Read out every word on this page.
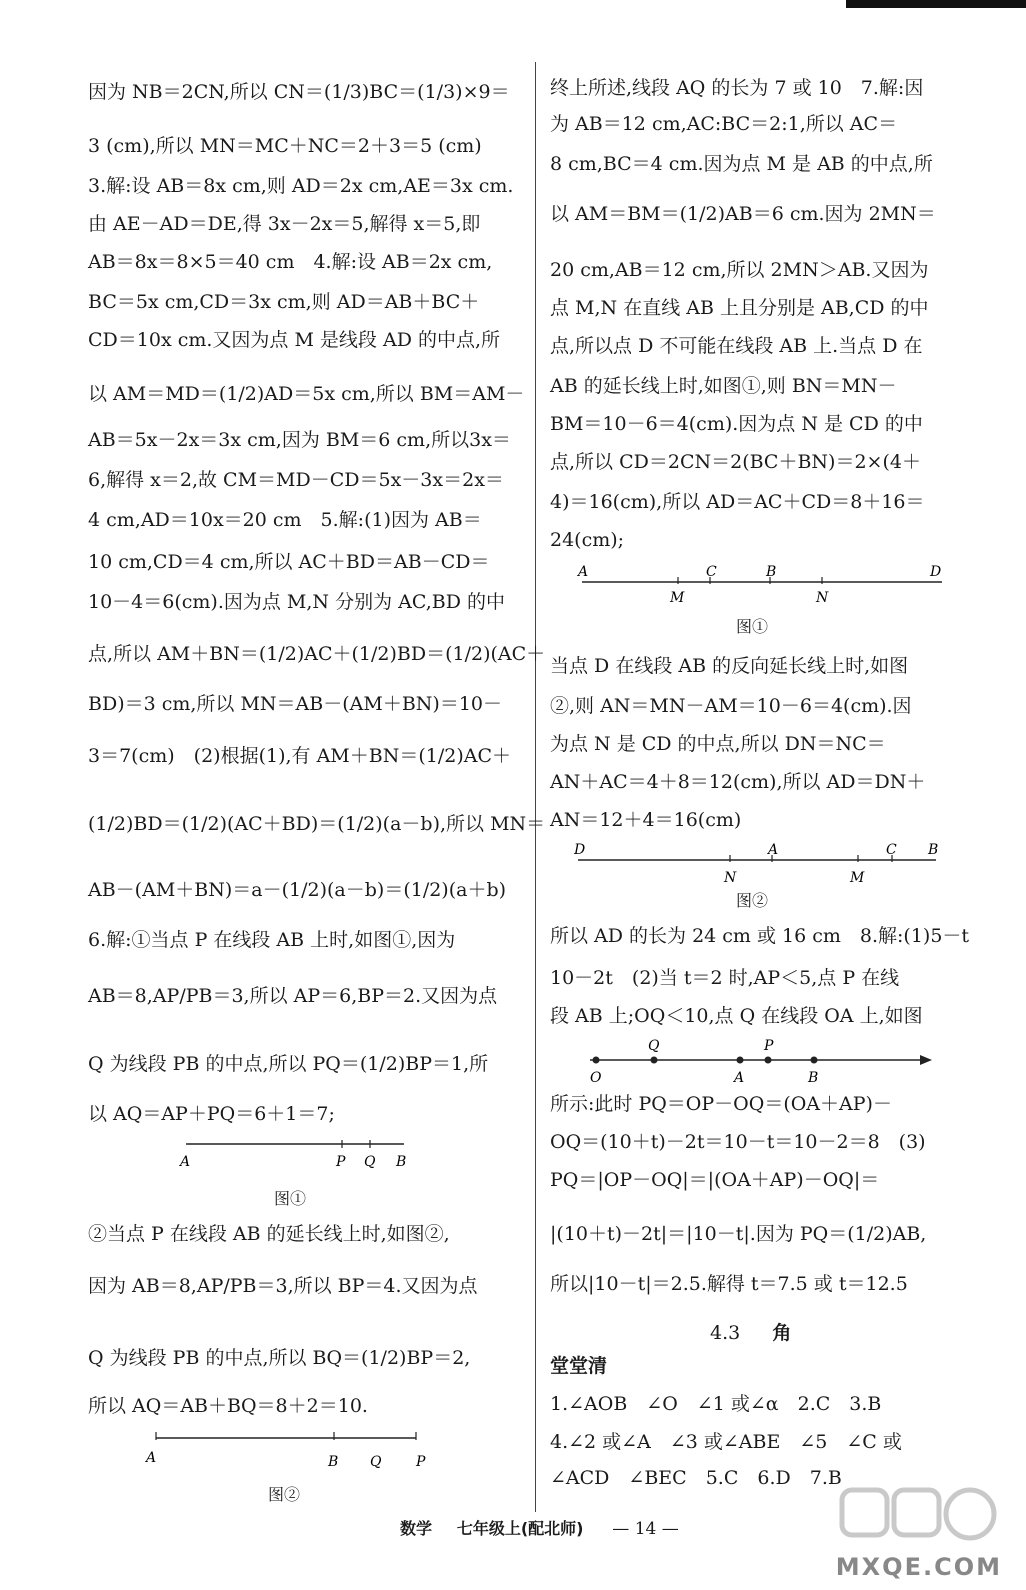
因为 NB＝2CN,所以 CN＝(1/3)BC＝(1/3)×9＝
3 (cm),所以 MN＝MC＋NC＝2＋3＝5 (cm)
3.解:设 AB＝8x cm,则 AD＝2x cm,AE＝3x cm.
由 AE－AD＝DE,得 3x－2x＝5,解得 x＝5,即
AB＝8x＝8×5＝40 cm　4.解:设 AB＝2x cm,
BC＝5x cm,CD＝3x cm,则 AD＝AB＋BC＋
CD＝10x cm.又因为点 M 是线段 AD 的中点,所
以 AM＝MD＝(1/2)AD＝5x cm,所以 BM＝AM－
AB＝5x－2x＝3x cm,因为 BM＝6 cm,所以3x＝
6,解得 x＝2,故 CM＝MD－CD＝5x－3x＝2x＝
4 cm,AD＝10x＝20 cm　5.解:(1)因为 AB＝
10 cm,CD＝4 cm,所以 AC＋BD＝AB－CD＝
10－4＝6(cm).因为点 M,N 分别为 AC,BD 的中
点,所以 AM＋BN＝(1/2)AC＋(1/2)BD＝(1/2)(AC＋
BD)＝3 cm,所以 MN＝AB－(AM＋BN)＝10－
3＝7(cm)　(2)根据(1),有 AM＋BN＝(1/2)AC＋
(1/2)BD＝(1/2)(AC＋BD)＝(1/2)(a－b),所以 MN＝
AB－(AM＋BN)＝a－(1/2)(a－b)＝(1/2)(a＋b)
6.解:①当点 P 在线段 AB 上时,如图①,因为
AB＝8,AP/PB＝3,所以 AP＝6,BP＝2.又因为点
Q 为线段 PB 的中点,所以 PQ＝(1/2)BP＝1,所
以 AQ＝AP＋PQ＝6＋1＝7;
A	P Q B
图①
②当点 P 在线段 AB 的延长线上时,如图②,
因为 AB＝8,AP/PB＝3,所以 BP＝4.又因为点
Q 为线段 PB 的中点,所以 BQ＝(1/2)BP＝2,
所以 AQ＝AB＋BQ＝8＋2＝10.
A	B Q P
图②
终上所述,线段 AQ 的长为 7 或 10　7.解:因
为 AB＝12 cm,AC:BC＝2:1,所以 AC＝
8 cm,BC＝4 cm.因为点 M 是 AB 的中点,所
以 AM＝BM＝(1/2)AB＝6 cm.因为 2MN＝
20 cm,AB＝12 cm,所以 2MN＞AB.又因为
点 M,N 在直线 AB 上且分别是 AB,CD 的中
点,所以点 D 不可能在线段 AB 上.当点 D 在
AB 的延长线上时,如图①,则 BN＝MN－
BM＝10－6＝4(cm).因为点 N 是 CD 的中
点,所以 CD＝2CN＝2(BC＋BN)＝2×(4＋
4)＝16(cm),所以 AD＝AC＋CD＝8＋16＝
24(cm);
A	C	B	D
M	N
图①
当点 D 在线段 AB 的反向延长线上时,如图
②,则 AN＝MN－AM＝10－6＝4(cm).因
为点 N 是 CD 的中点,所以 DN＝NC＝
AN＋AC＝4＋8＝12(cm),所以 AD＝DN＋
AN＝12＋4＝16(cm)
D	A	C B
N	M
图②
所以 AD 的长为 24 cm 或 16 cm　8.解:(1)5－t
10－2t　(2)当 t＝2 时,AP＜5,点 P 在线
段 AB 上;OQ＜10,点 Q 在线段 OA 上,如图
O
Q	P
A	B
所示:此时 PQ＝OP－OQ＝(OA＋AP)－
OQ＝(10＋t)－2t＝10－t＝10－2＝8　(3)
PQ＝|OP－OQ|＝|(OA＋AP)－OQ|＝
|(10＋t)－2t|＝|10－t|.因为 PQ＝(1/2)AB,
所以|10－t|＝2.5.解得 t＝7.5 或 t＝12.5
4.3 角
堂堂清
1.∠AOB　∠O　∠1 或∠α　2.C　3.B
4.∠2 或∠A　∠3 或∠ABE　∠5　∠C 或
∠ACD　∠BEC　5.C　6.D　7.B
数学 七年级上(配北师) — 14 —
MXQE.COM
